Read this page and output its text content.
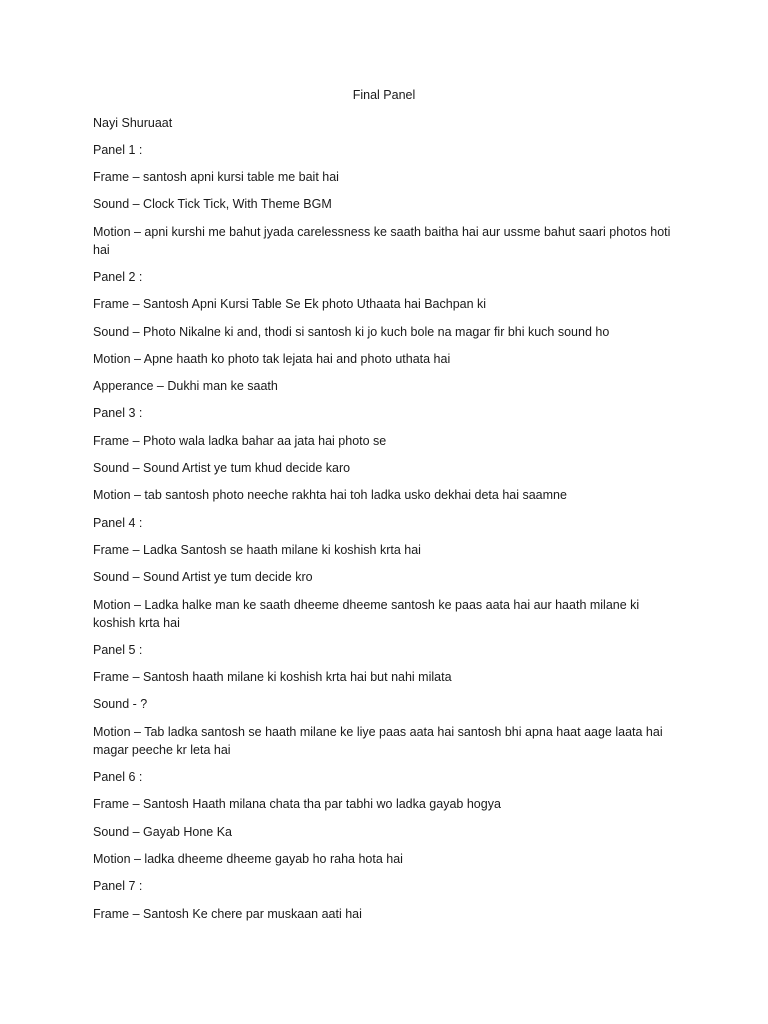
Final Panel

Nayi Shuruaat

Panel 1 :

Frame – santosh apni kursi table me bait hai

Sound – Clock Tick Tick, With Theme BGM

Motion – apni kurshi me bahut jyada carelessness ke saath baitha hai aur ussme bahut saari photos hoti hai

Panel 2 :

Frame – Santosh Apni Kursi Table Se Ek photo Uthaata hai Bachpan ki

Sound – Photo Nikalne ki and, thodi si santosh ki jo kuch bole na magar fir bhi kuch sound ho

Motion – Apne haath ko photo tak lejata hai and photo uthata hai

Apperance – Dukhi man ke saath

Panel 3 :

Frame – Photo wala ladka bahar aa jata hai photo se

Sound – Sound Artist ye tum khud decide karo

Motion – tab santosh photo neeche rakhta hai toh ladka usko dekhai deta hai saamne

Panel 4 :

Frame – Ladka Santosh se haath milane ki koshish krta hai

Sound – Sound Artist ye tum decide kro

Motion – Ladka halke man ke saath dheeme dheeme santosh ke paas aata hai aur haath milane ki koshish krta hai

Panel 5 :

Frame – Santosh haath milane ki koshish krta hai but nahi milata

Sound - ?

Motion – Tab ladka santosh se haath milane ke liye paas aata hai santosh bhi apna haat aage laata hai magar peeche kr leta hai

Panel 6 :

Frame – Santosh Haath milana chata tha par tabhi wo ladka gayab hogya

Sound – Gayab Hone Ka

Motion – ladka dheeme dheeme gayab ho raha hota hai

Panel 7 :

Frame – Santosh Ke chere par muskaan aati hai
